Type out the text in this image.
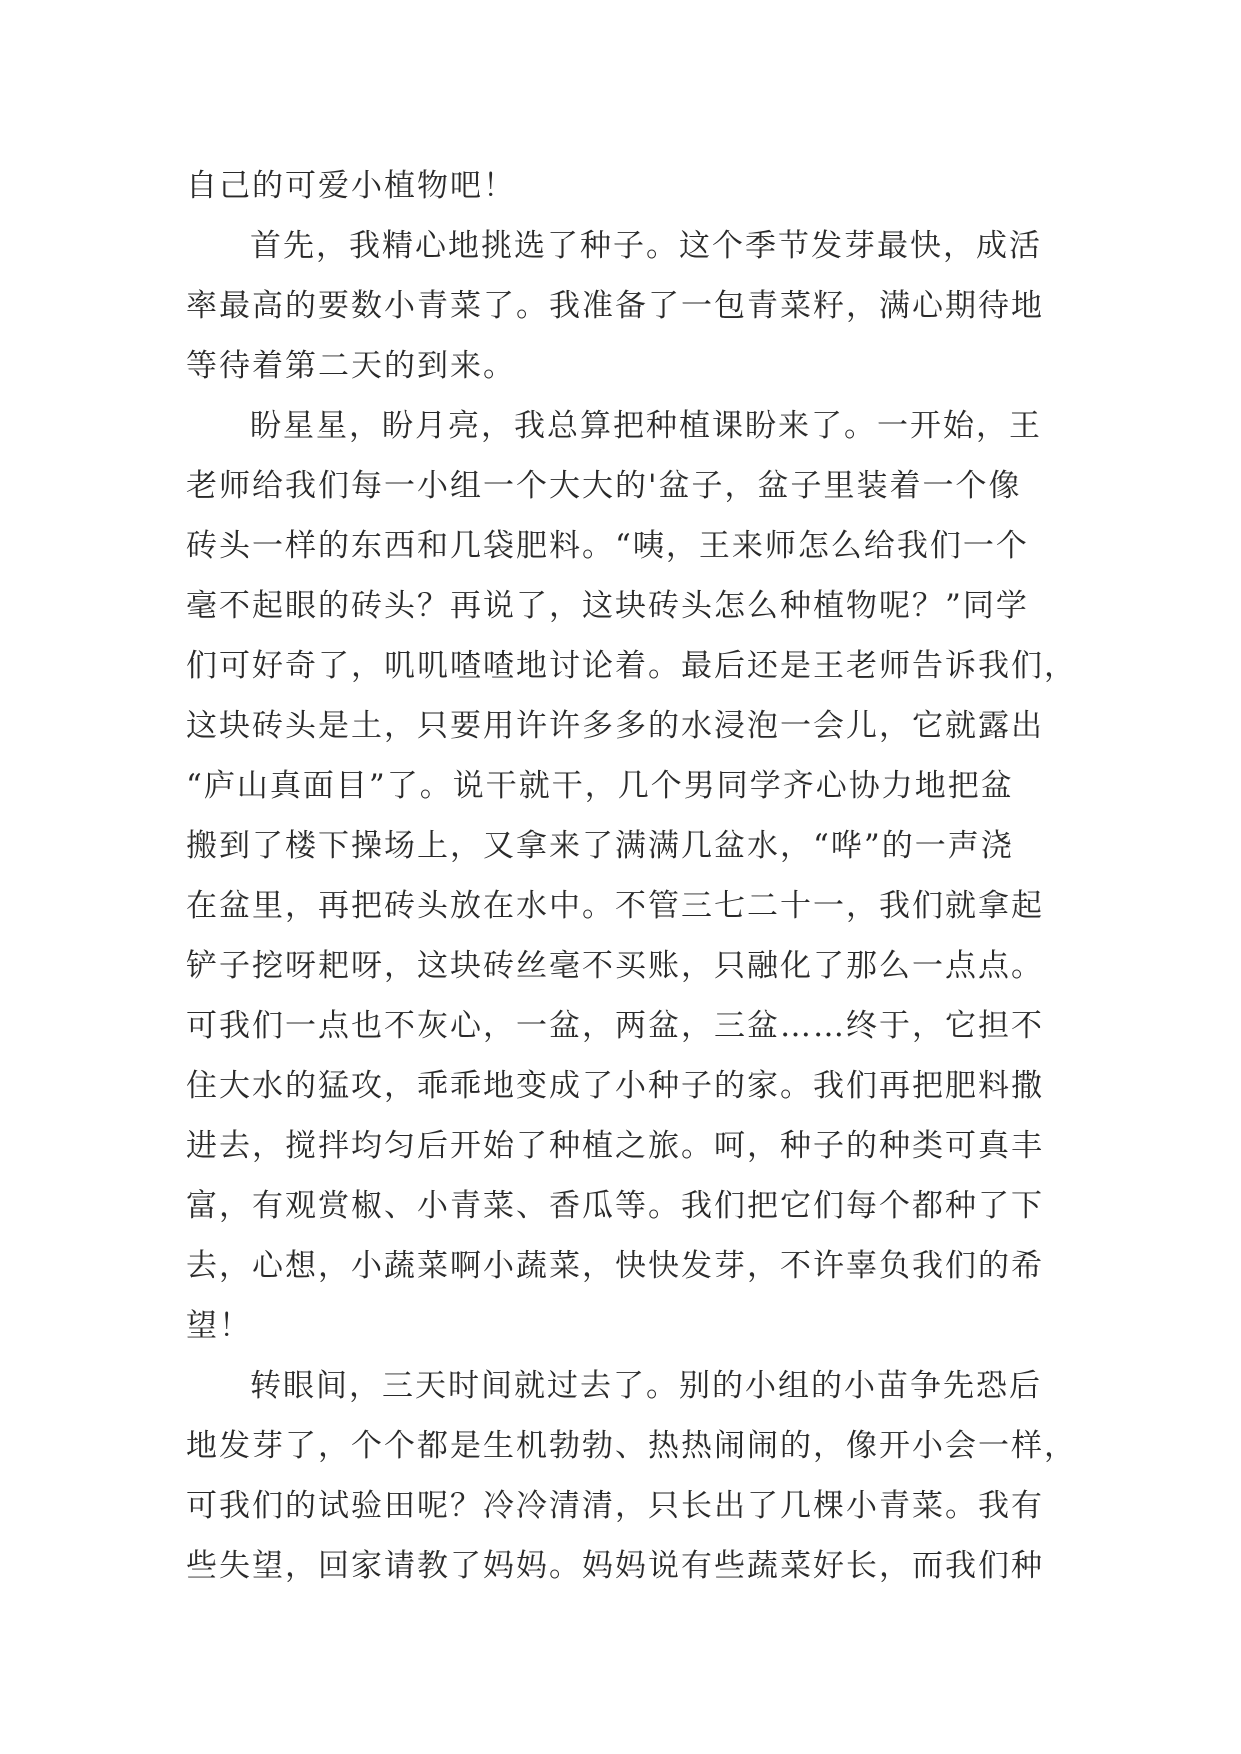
自己的可爱小植物吧！
首先，我精心地挑选了种子。这个季节发芽最快，成活
率最高的要数小青菜了。我准备了一包青菜籽，满心期待地
等待着第二天的到来。
盼星星，盼月亮，我总算把种植课盼来了。一开始，王
老师给我们每一小组一个大大的'盆子，盆子里装着一个像
砖头一样的东西和几袋肥料。“咦，王来师怎么给我们一个
毫不起眼的砖头？再说了，这块砖头怎么种植物呢？”同学
们可好奇了，叽叽喳喳地讨论着。最后还是王老师告诉我们，
这块砖头是土，只要用许许多多的水浸泡一会儿，它就露出
“庐山真面目”了。说干就干，几个男同学齐心协力地把盆
搬到了楼下操场上，又拿来了满满几盆水，“哗”的一声浇
在盆里，再把砖头放在水中。不管三七二十一，我们就拿起
铲子挖呀耙呀，这块砖丝毫不买账，只融化了那么一点点。
可我们一点也不灰心，一盆，两盆，三盆……终于，它担不
住大水的猛攻，乖乖地变成了小种子的家。我们再把肥料撒
进去，搅拌均匀后开始了种植之旅。呵，种子的种类可真丰
富，有观赏椒、小青菜、香瓜等。我们把它们每个都种了下
去，心想，小蔬菜啊小蔬菜，快快发芽，不许辜负我们的希
望！
转眼间，三天时间就过去了。别的小组的小苗争先恐后
地发芽了，个个都是生机勃勃、热热闹闹的，像开小会一样，
可我们的试验田呢？冷冷清清，只长出了几棵小青菜。我有
些失望，回家请教了妈妈。妈妈说有些蔬菜好长，而我们种
